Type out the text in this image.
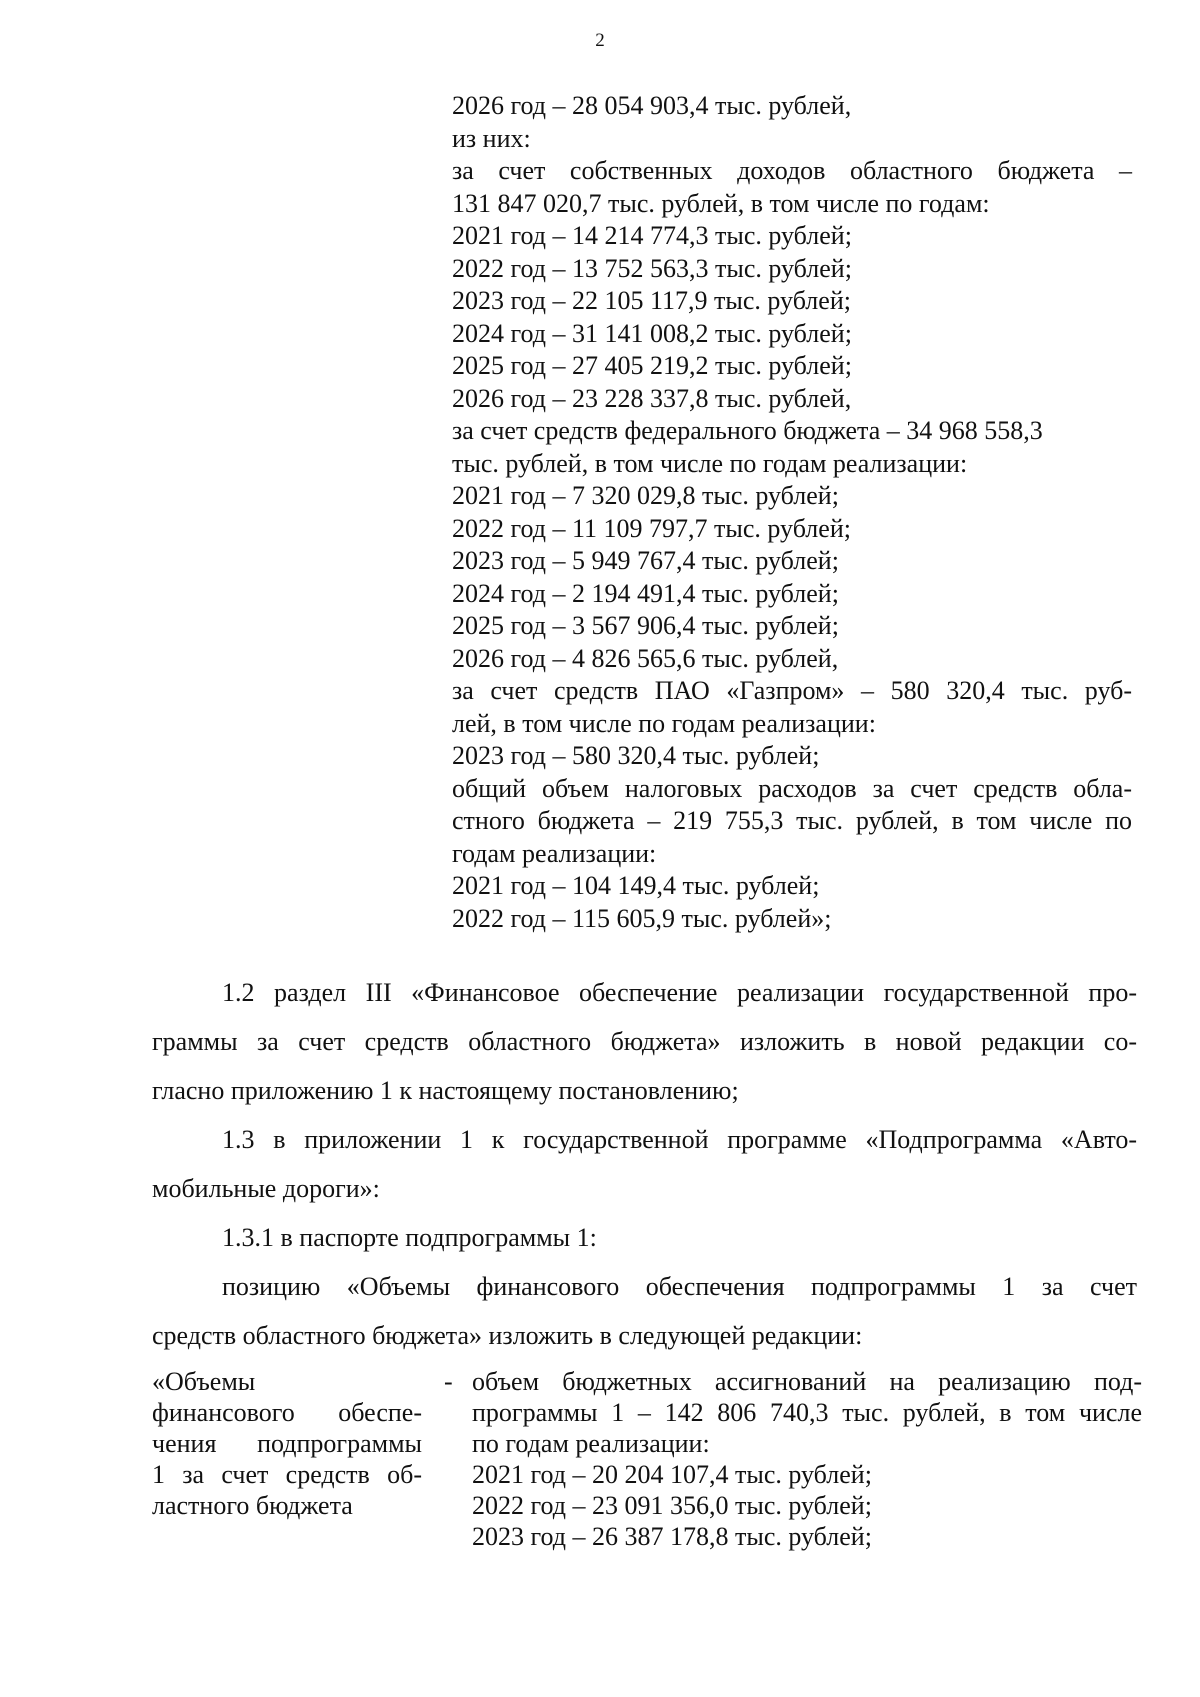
2
2026 год – 28 054 903,4 тыс. рублей,
из них:
за счет собственных доходов областного бюджета –
131 847 020,7 тыс. рублей, в том числе по годам:
2021 год – 14 214 774,3 тыс. рублей;
2022 год – 13 752 563,3 тыс. рублей;
2023 год – 22 105 117,9 тыс. рублей;
2024 год – 31 141 008,2 тыс. рублей;
2025 год – 27 405 219,2 тыс. рублей;
2026 год – 23 228 337,8 тыс. рублей,
за счет средств федерального бюджета – 34 968 558,3
тыс. рублей, в том числе по годам реализации:
2021 год – 7 320 029,8 тыс. рублей;
2022 год – 11 109 797,7 тыс. рублей;
2023 год – 5 949 767,4 тыс. рублей;
2024 год – 2 194 491,4 тыс. рублей;
2025 год – 3 567 906,4 тыс. рублей;
2026 год – 4 826 565,6 тыс. рублей,
за счет средств ПАО «Газпром» – 580 320,4 тыс. руб-
лей, в том числе по годам реализации:
2023 год – 580 320,4 тыс. рублей;
общий объем налоговых расходов за счет средств обла-
стного бюджета – 219 755,3 тыс. рублей, в том числе по
годам реализации:
2021 год – 104 149,4 тыс. рублей;
2022 год – 115 605,9 тыс. рублей»;
1.2 раздел III «Финансовое обеспечение реализации государственной про-
граммы за счет средств областного бюджета» изложить в новой редакции со-
гласно приложению 1 к настоящему постановлению;
1.3 в приложении 1 к государственной программе «Подпрограмма «Авто-
мобильные дороги»:
1.3.1 в паспорте подпрограммы 1:
позицию «Объемы финансового обеспечения подпрограммы 1 за счет
средств областного бюджета» изложить в следующей редакции:
«Объемы
финансового обеспе-
чения подпрограммы
1 за счет средств об-
ластного бюджета
- объем бюджетных ассигнований на реализацию под-
программы 1 – 142 806 740,3 тыс. рублей, в том числе
по годам реализации:
2021 год – 20 204 107,4 тыс. рублей;
2022 год – 23 091 356,0 тыс. рублей;
2023 год – 26 387 178,8 тыс. рублей;
